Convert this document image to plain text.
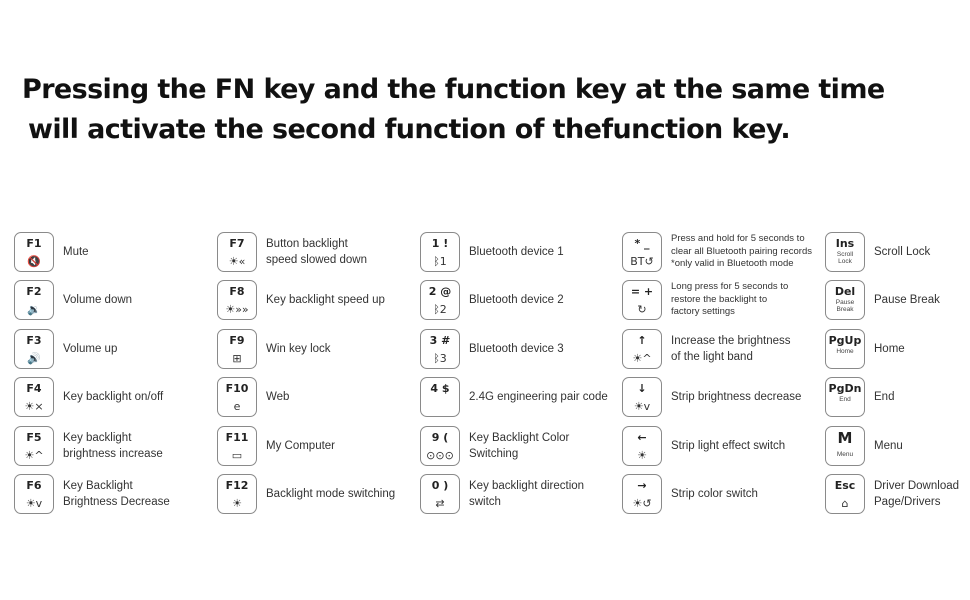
Pressing the FN key and the function key at the same time
will activate the second function of thefunction key.
F1
🔇
Mute
F2
🔉
Volume down
F3
🔊
Volume up
F4
☀×
Key backlight on/off
F5
☀^
Key backlight
brightness increase
F6
☀v
Key Backlight
Brightness Decrease
F7
☀«
Button backlight
speed slowed down
F8
☀»»
Key backlight speed up
F9
⊞
Win key lock
F10
e
Web
F11
▭
My Computer
F12
☀
Backlight mode switching
1 !
ᛒ1
Bluetooth device 1
2 @
ᛒ2
Bluetooth device 2
3 #
ᛒ3
Bluetooth device 3
4 $
2.4G engineering pair code
9 (
⊙⊙⊙
Key Backlight Color Switching
0 )
⇄
Key backlight direction switch
* _
BT↺
Press and hold for 5 seconds to
clear all Bluetooth pairing records
*only valid in Bluetooth mode
= +
↻
Long press for 5 seconds to
restore the backlight to
factory settings
↑
☀^
Increase the brightness
of the light band
↓
☀v
Strip brightness decrease
←
☀
Strip light effect switch
→
☀↺
Strip color switch
Ins
Scroll
Lock
Scroll Lock
Del
Pause
Break
Pause Break
PgUp
Home	Home
PgDn
End	End
M
Menu
Menu
Esc
⌂
Driver Download
Page/Drivers
